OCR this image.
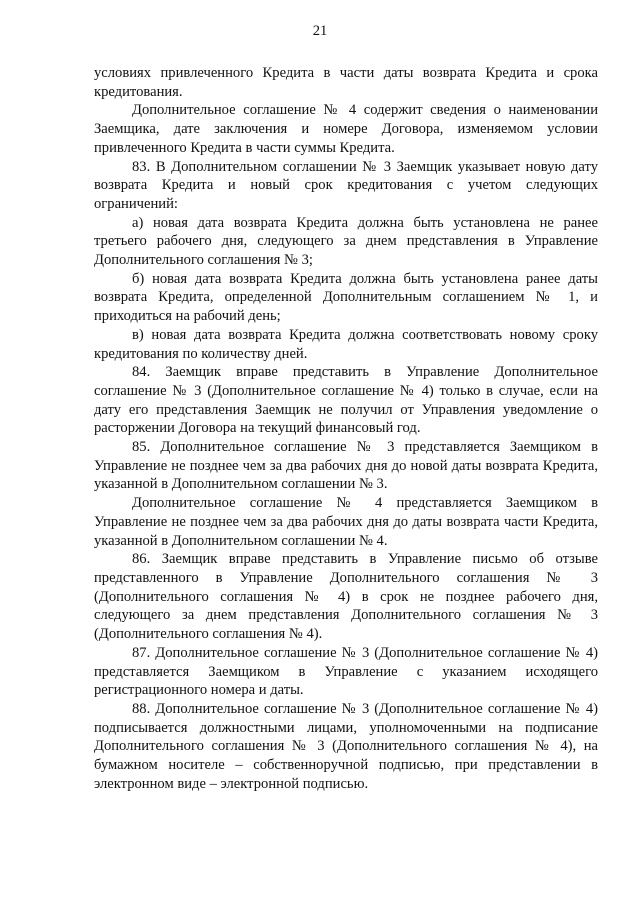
21

условиях привлеченного Кредита в части даты возврата Кредита и срока кредитования.

Дополнительное соглашение № 4 содержит сведения о наименовании Заемщика, дате заключения и номере Договора, изменяемом условии привлеченного Кредита в части суммы Кредита.

83. В Дополнительном соглашении № 3 Заемщик указывает новую дату возврата Кредита и новый срок кредитования с учетом следующих ограничений:

а) новая дата возврата Кредита должна быть установлена не ранее третьего рабочего дня, следующего за днем представления в Управление Дополнительного соглашения № 3;

б) новая дата возврата Кредита должна быть установлена ранее даты возврата Кредита, определенной Дополнительным соглашением № 1, и приходиться на рабочий день;

в) новая дата возврата Кредита должна соответствовать новому сроку кредитования по количеству дней.

84. Заемщик вправе представить в Управление Дополнительное соглашение № 3 (Дополнительное соглашение № 4) только в случае, если на дату его представления Заемщик не получил от Управления уведомление о расторжении Договора на текущий финансовый год.

85. Дополнительное соглашение № 3 представляется Заемщиком в Управление не позднее чем за два рабочих дня до новой даты возврата Кредита, указанной в Дополнительном соглашении № 3.

Дополнительное соглашение № 4 представляется Заемщиком в Управление не позднее чем за два рабочих дня до даты возврата части Кредита, указанной в Дополнительном соглашении № 4.

86. Заемщик вправе представить в Управление письмо об отзыве представленного в Управление Дополнительного соглашения № 3 (Дополнительного соглашения № 4) в срок не позднее рабочего дня, следующего за днем представления Дополнительного соглашения № 3 (Дополнительного соглашения № 4).

87. Дополнительное соглашение № 3 (Дополнительное соглашение № 4) представляется Заемщиком в Управление с указанием исходящего регистрационного номера и даты.

88. Дополнительное соглашение № 3 (Дополнительное соглашение № 4) подписывается должностными лицами, уполномоченными на подписание Дополнительного соглашения № 3 (Дополнительного соглашения № 4), на бумажном носителе – собственноручной подписью, при представлении в электронном виде – электронной подписью.
